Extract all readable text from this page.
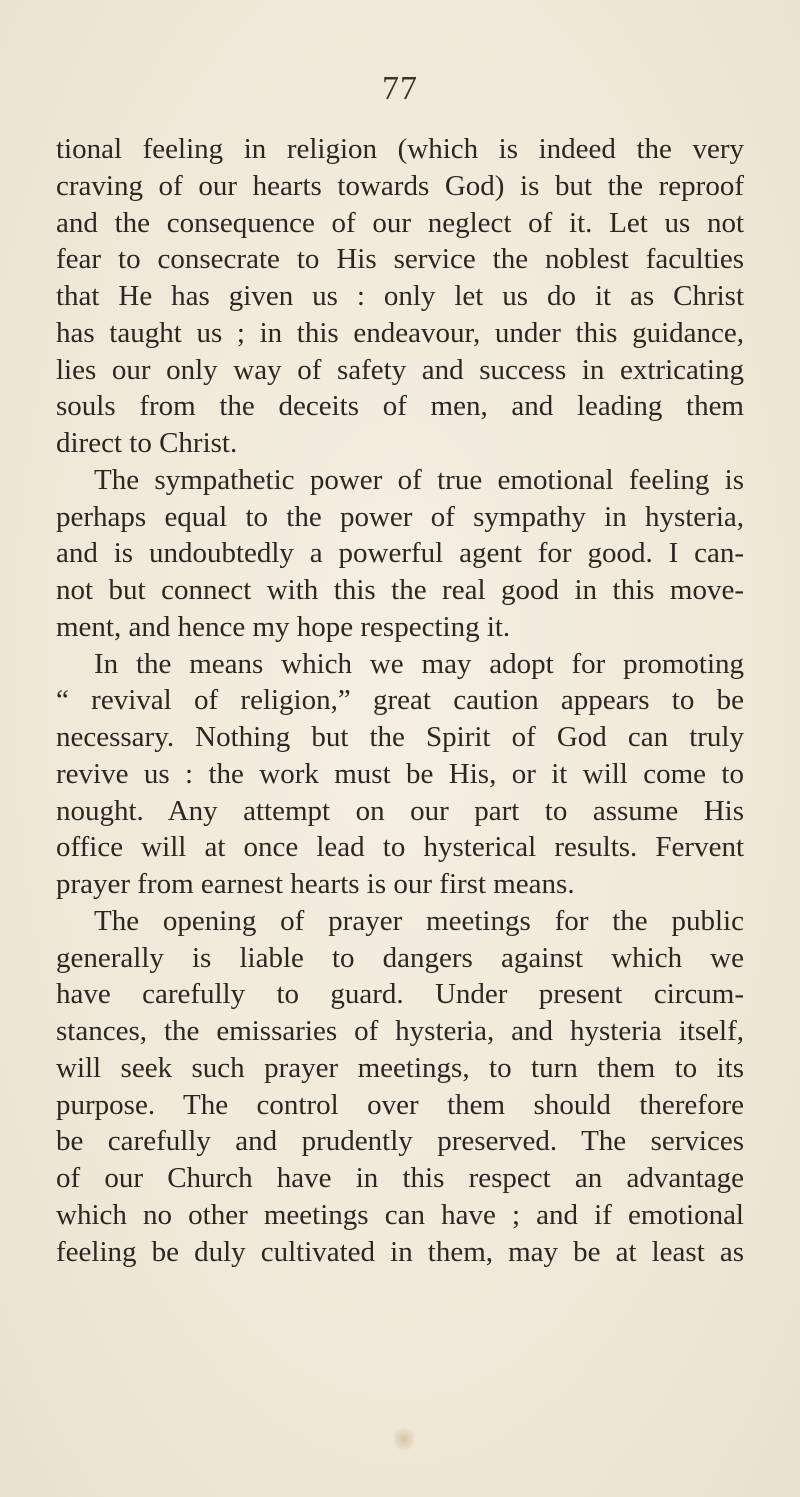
77
tional feeling in religion (which is indeed the very
craving of our hearts towards God) is but the reproof
and the consequence of our neglect of it. Let us not
fear to consecrate to His service the noblest faculties
that He has given us : only let us do it as Christ
has taught us ; in this endeavour, under this guidance,
lies our only way of safety and success in extricating
souls from the deceits of men, and leading them
direct to Christ.
The sympathetic power of true emotional feeling is
perhaps equal to the power of sympathy in hysteria,
and is undoubtedly a powerful agent for good. I can-
not but connect with this the real good in this move-
ment, and hence my hope respecting it.
In the means which we may adopt for promoting
“ revival of religion,” great caution appears to be
necessary. Nothing but the Spirit of God can truly
revive us : the work must be His, or it will come to
nought. Any attempt on our part to assume His
office will at once lead to hysterical results. Fervent
prayer from earnest hearts is our first means.
The opening of prayer meetings for the public
generally is liable to dangers against which we
have carefully to guard. Under present circum-
stances, the emissaries of hysteria, and hysteria itself,
will seek such prayer meetings, to turn them to its
purpose. The control over them should therefore
be carefully and prudently preserved. The services
of our Church have in this respect an advantage
which no other meetings can have ; and if emotional
feeling be duly cultivated in them, may be at least as
